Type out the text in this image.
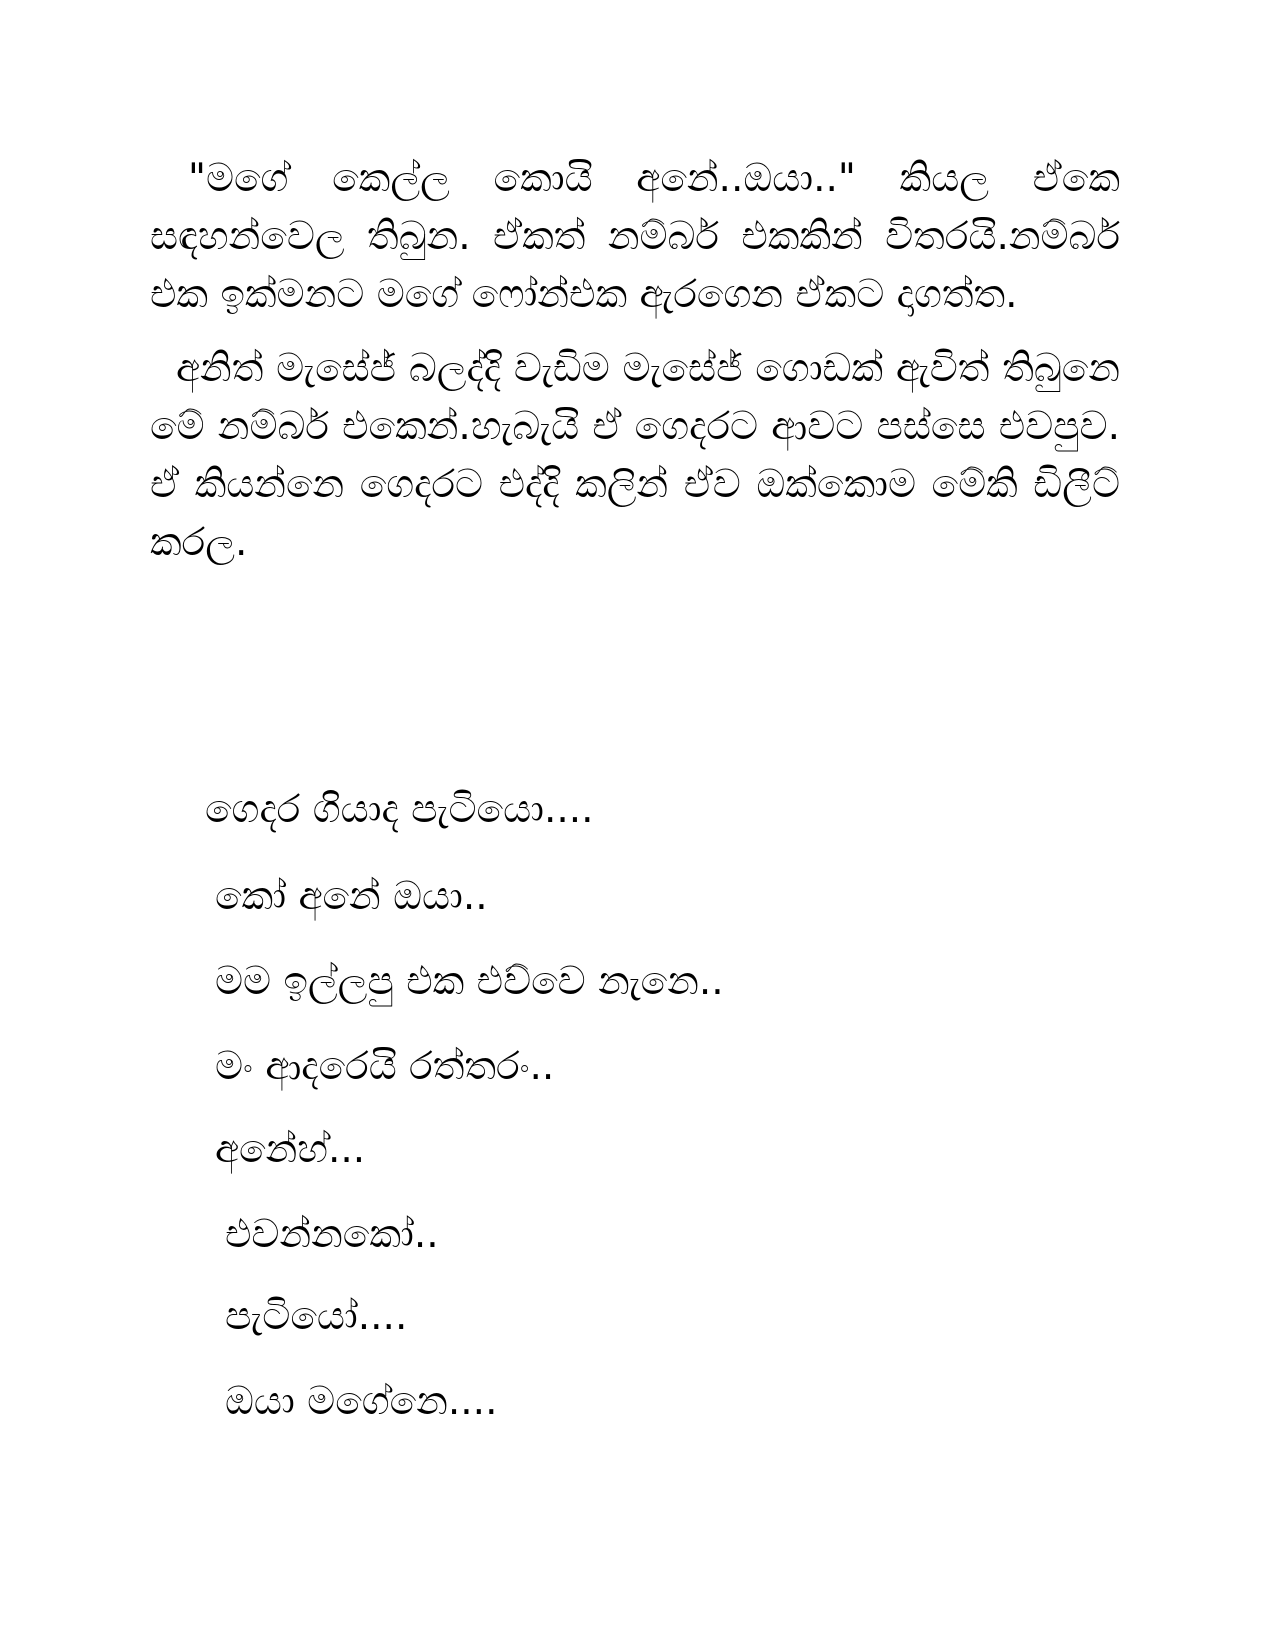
"මගේ කෙල්ල කොයි අනේ..ඔයා.." කියල ඒකෙ සඳහන්වෙල තිබුන. ඒකත් නම්බර් එකකින් විතරයි.නම්බර් එක ඉක්මනට මගේ ෆෝන්එක ඇරගෙන ඒකට දාගත්ත.

අනිත් මැසේජ් බලද්දි වැඩිම මැසේජ් ගොඩක් ඇවිත් තිබුනෙ මේ නම්බර් එකෙන්.හැබැයි ඒ ගෙදරට ආවට පස්සෙ එවපුව. ඒ කියන්නෙ ගෙදරට එද්දි කලින් ඒව ඔක්කොම මේකි ඩිලීට් කරල.

ගෙදර ගියාද පැටියො....

කෝ අනේ ඔයා..

මම ඉල්ලපු එක එව්වෙ නැනෙ..

මං ආදරෙයි රත්තරං..

අනේහ්...

එවන්නකෝ..

පැටියෝ....

ඔයා මගේනෙ....
